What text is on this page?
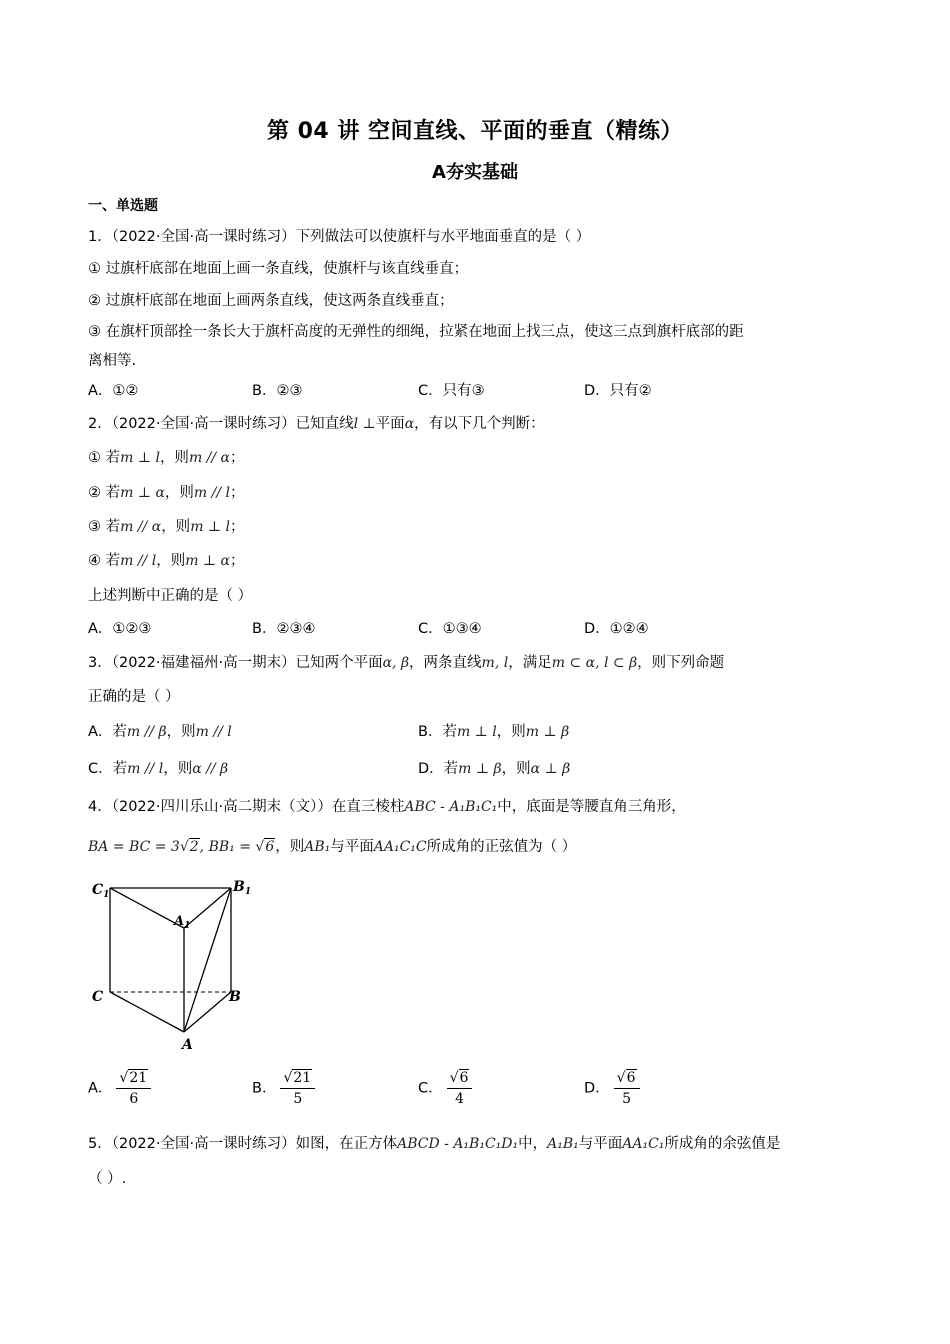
第 04 讲 空间直线、平面的垂直（精练）
A夯实基础
一、单选题
1．（2022·全国·高一课时练习）下列做法可以使旗杆与水平地面垂直的是（ ）
① 过旗杆底部在地面上画一条直线，使旗杆与该直线垂直；
② 过旗杆底部在地面上画两条直线，使这两条直线垂直；
③ 在旗杆顶部拴一条长大于旗杆高度的无弹性的细绳，拉紧在地面上找三点，使这三点到旗杆底部的距
离相等.
A．①②	B．②③	C．只有③	D．只有②
2．（2022·全国·高一课时练习）已知直线l ⊥平面α，有以下几个判断：
① 若m ⊥ l，则m // α；
② 若m ⊥ α，则m // l；
③ 若m // α，则m ⊥ l；
④ 若m // l，则m ⊥ α；
上述判断中正确的是（ ）
A．①②③	B．②③④	C．①③④	D．①②④
3．（2022·福建福州·高一期末）已知两个平面α, β，两条直线m, l，满足m ⊂ α, l ⊂ β，则下列命题
正确的是（ ）
A．若m // β，则m // l	B．若m ⊥ l，则m ⊥ β
C．若m // l，则α // β	D．若m ⊥ β，则α ⊥ β
4．（2022·四川乐山·高二期末（文））在直三棱柱ABC - A₁B₁C₁中，底面是等腰直角三角形，
BA = BC = 3√2, BB₁ = √6，则AB₁与平面AA₁C₁C所成角的正弦值为（ ）
$C_1$	$B_1$
$A_1$
C	B
A
A． $\frac{√21}{6}$	B． $\frac{√21}{5}$	C． $\frac{√6}{4}$	D． $\frac{√6}{5}$
5．（2022·全国·高一课时练习）如图，在正方体ABCD - A₁B₁C₁D₁中，A₁B₁与平面AA₁C₁所成角的余弦值是
（ ）.
